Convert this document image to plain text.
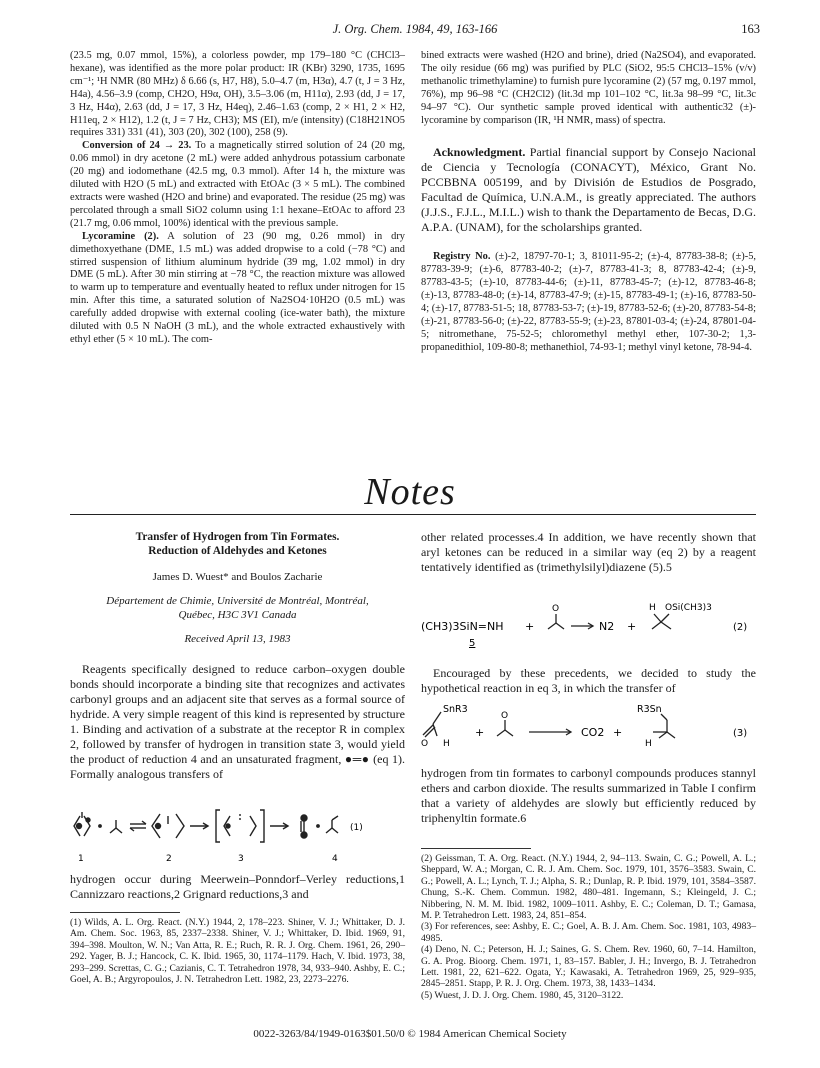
J. Org. Chem. 1984, 49, 163-166	163

(23.5 mg, 0.07 mmol, 15%), a colorless powder, mp 179–180 °C (CHCl3–hexane), was identified as the more polar product: IR (KBr) 3290, 1735, 1695 cm⁻¹; ¹H NMR (80 MHz) δ 6.66 (s, H7, H8), 5.0–4.7 (m, H3α), 4.7 (t, J = 3 Hz, H4a), 4.56–3.9 (comp, CH2O, H9α, OH), 3.5–3.06 (m, H11α), 2.93 (dd, J = 17, 3 Hz, H4α), 2.63 (dd, J = 17, 3 Hz, H4eq), 2.46–1.63 (comp, 2 × H1, 2 × H2, H11eq, 2 × H12), 1.2 (t, J = 7 Hz, CH3); MS (EI), m/e (intensity) (C18H21NO5 requires 331) 331 (41), 303 (20), 302 (100), 258 (9).

Conversion of 24 → 23. To a magnetically stirred solution of 24 (20 mg, 0.06 mmol) in dry acetone (2 mL) were added anhydrous potassium carbonate (20 mg) and iodomethane (42.5 mg, 0.3 mmol). After 14 h, the mixture was diluted with H2O (5 mL) and extracted with EtOAc (3 × 5 mL). The combined extracts were washed (H2O and brine) and evaporated. The residue (25 mg) was percolated through a small SiO2 column using 1:1 hexane–EtOAc to afford 23 (21.7 mg, 0.06 mmol, 100%) identical with the previous sample.

Lycoramine (2). A solution of 23 (90 mg, 0.26 mmol) in dry dimethoxyethane (DME, 1.5 mL) was added dropwise to a cold (−78 °C) and stirred suspension of lithium aluminum hydride (39 mg, 1.02 mmol) in dry DME (5 mL). After 30 min stirring at −78 °C, the reaction mixture was allowed to warm up to temperature and eventually heated to reflux under nitrogen for 15 min. After this time, a saturated solution of Na2SO4·10H2O (0.5 mL) was carefully added dropwise with external cooling (ice-water bath), the mixture diluted with 0.5 N NaOH (3 mL), and the whole extracted exhaustively with ethyl ether (5 × 10 mL). The com-

bined extracts were washed (H2O and brine), dried (Na2SO4), and evaporated. The oily residue (66 mg) was purified by PLC (SiO2, 95:5 CHCl3–15% (v/v) methanolic trimethylamine) to furnish pure lycoramine (2) (57 mg, 0.197 mmol, 76%), mp 96–98 °C (CH2Cl2) (lit.3d mp 101–102 °C, lit.3a 98–99 °C, lit.3c 94–97 °C). Our synthetic sample proved identical with authentic32 (±)-lycoramine by comparison (IR, ¹H NMR, mass) of spectra.

Acknowledgment. Partial financial support by Consejo Nacional de Ciencia y Tecnología (CONACYT), México, Grant No. PCCBBNA 005199, and by División de Estudios de Posgrado, Facultad de Química, U.N.A.M., is greatly appreciated. The authors (J.J.S., F.J.L., M.I.L.) wish to thank the Departamento de Becas, D.G. A.P.A. (UNAM), for the scholarships granted.

Registry No. (±)-2, 18797-70-1; 3, 81011-95-2; (±)-4, 87783-38-8; (±)-5, 87783-39-9; (±)-6, 87783-40-2; (±)-7, 87783-41-3; 8, 87783-42-4; (±)-9, 87783-43-5; (±)-10, 87783-44-6; (±)-11, 87783-45-7; (±)-12, 87783-46-8; (±)-13, 87783-48-0; (±)-14, 87783-47-9; (±)-15, 87783-49-1; (±)-16, 87783-50-4; (±)-17, 87783-51-5; 18, 87783-53-7; (±)-19, 87783-52-6; (±)-20, 87783-54-8; (±)-21, 87783-56-0; (±)-22, 87783-55-9; (±)-23, 87801-03-4; (±)-24, 87801-04-5; nitromethane, 75-52-5; chloromethyl methyl ether, 107-30-2; 1,3-propanedithiol, 109-80-8; methanethiol, 74-93-1; methyl vinyl ketone, 78-94-4.

Notes
Transfer of Hydrogen from Tin Formates.
Reduction of Aldehydes and Ketones
James D. Wuest* and Boulos Zacharie
Département de Chimie, Université de Montréal, Montréal,
Québec, H3C 3V1 Canada
Received April 13, 1983

Reagents specifically designed to reduce carbon–oxygen double bonds should incorporate a binding site that recognizes and activates carbonyl groups and an adjacent site that serves as a formal source of hydride. A very simple reagent of this kind is represented by structure 1. Binding and activation of a substrate at the receptor R in complex 2, followed by transfer of hydrogen in transition state 3, would yield the product of reduction 4 and an unsaturated fragment, ●═● (eq 1). Formally analogous transfers of

(1)
1	2	3	4

hydrogen occur during Meerwein–Ponndorf–Verley reductions,1 Cannizzaro reactions,2 Grignard reductions,3 and

(1) Wilds, A. L. Org. React. (N.Y.) 1944, 2, 178–223. Shiner, V. J.; Whittaker, D. J. Am. Chem. Soc. 1963, 85, 2337–2338. Shiner, V. J.; Whittaker, D. Ibid. 1969, 91, 394–398. Moulton, W. N.; Van Atta, R. E.; Ruch, R. R. J. Org. Chem. 1961, 26, 290–292. Yager, B. J.; Hancock, C. K. Ibid. 1965, 30, 1174–1179. Hach, V. Ibid. 1973, 38, 293–299. Screttas, C. G.; Cazianis, C. T. Tetrahedron 1978, 34, 933–940. Ashby, E. C.; Goel, A. B.; Argyropoulos, J. N. Tetrahedron Lett. 1982, 23, 2273–2276.

other related processes.4 In addition, we have recently shown that aryl ketones can be reduced in a similar way (eq 2) by a reagent tentatively identified as (trimethylsilyl)diazene (5).5

(CH3)3SiN=NH +
O
N2 +
H OSi(CH3)3
(2)
5

Encouraged by these precedents, we decided to study the hypothetical reaction in eq 3, in which the transfer of

SnR3
O H
+
O
CO2 +
R3Sn
H
(3)

hydrogen from tin formates to carbonyl compounds produces stannyl ethers and carbon dioxide. The results summarized in Table I confirm that a variety of aldehydes are slowly but efficiently reduced by triphenyltin formate.6

(2) Geissman, T. A. Org. React. (N.Y.) 1944, 2, 94–113. Swain, C. G.; Powell, A. L.; Sheppard, W. A.; Morgan, C. R. J. Am. Chem. Soc. 1979, 101, 3576–3583. Swain, C. G.; Powell, A. L.; Lynch, T. J.; Alpha, S. R.; Dunlap, R. P. Ibid. 1979, 101, 3584–3587. Chung, S.-K. Chem. Commun. 1982, 480–481. Ingemann, S.; Kleingeld, J. C.; Nibbering, N. M. M. Ibid. 1982, 1009–1011. Ashby, E. C.; Coleman, D. T.; Gamasa, M. P. Tetrahedron Lett. 1983, 24, 851–854.

(3) For references, see: Ashby, E. C.; Goel, A. B. J. Am. Chem. Soc. 1981, 103, 4983–4985.

(4) Deno, N. C.; Peterson, H. J.; Saines, G. S. Chem. Rev. 1960, 60, 7–14. Hamilton, G. A. Prog. Bioorg. Chem. 1971, 1, 83–157. Babler, J. H.; Invergo, B. J. Tetrahedron Lett. 1981, 22, 621–622. Ogata, Y.; Kawasaki, A. Tetrahedron 1969, 25, 929–935, 2845–2851. Stapp, P. R. J. Org. Chem. 1973, 38, 1433–1434.

(5) Wuest, J. D. J. Org. Chem. 1980, 45, 3120–3122.

0022-3263/84/1949-0163$01.50/0 © 1984 American Chemical Society
